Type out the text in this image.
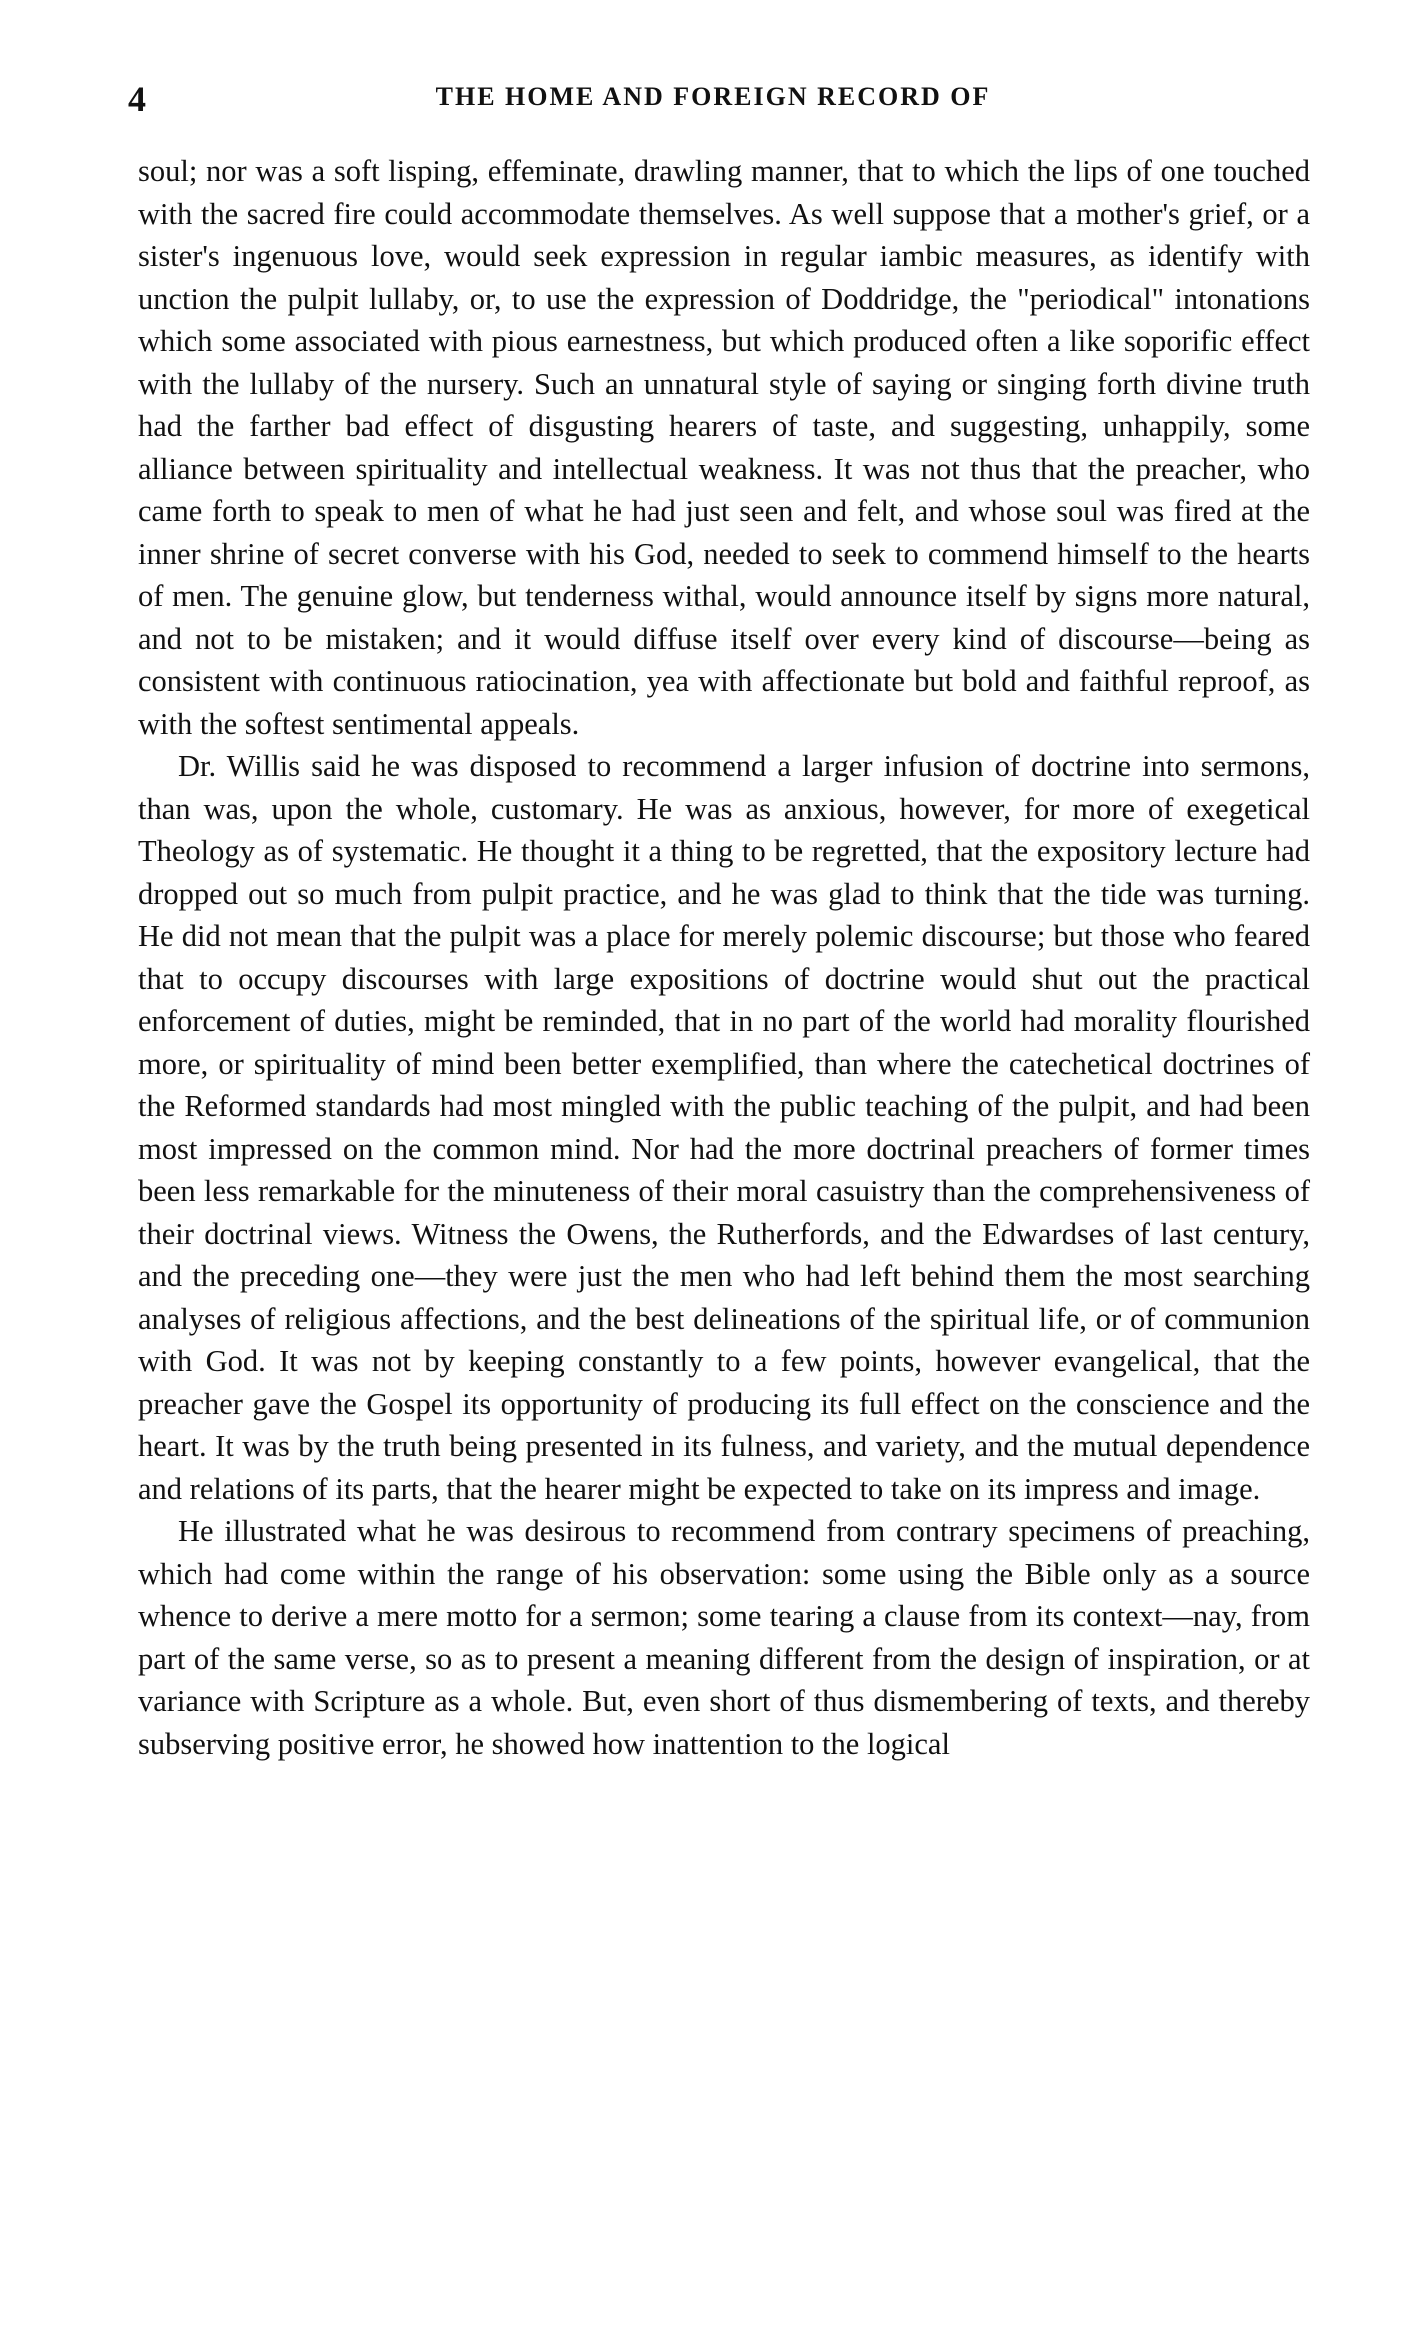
4	THE HOME AND FOREIGN RECORD OF

soul; nor was a soft lisping, effeminate, drawling manner, that to which the lips of one touched with the sacred fire could accommodate themselves. As well suppose that a mother's grief, or a sister's ingenuous love, would seek expression in regular iambic measures, as identify with unction the pulpit lullaby, or, to use the expression of Doddridge, the "periodical" intonations which some associated with pious earnestness, but which produced often a like soporific effect with the lullaby of the nursery. Such an unnatural style of saying or singing forth divine truth had the farther bad effect of disgusting hearers of taste, and suggesting, unhappily, some alliance between spirituality and intellectual weakness. It was not thus that the preacher, who came forth to speak to men of what he had just seen and felt, and whose soul was fired at the inner shrine of secret converse with his God, needed to seek to commend himself to the hearts of men. The genuine glow, but tenderness withal, would announce itself by signs more natural, and not to be mistaken; and it would diffuse itself over every kind of discourse—being as consistent with continuous ratiocination, yea with affectionate but bold and faithful reproof, as with the softest sentimental appeals.

Dr. Willis said he was disposed to recommend a larger infusion of doctrine into sermons, than was, upon the whole, customary. He was as anxious, however, for more of exegetical Theology as of systematic. He thought it a thing to be regretted, that the expository lecture had dropped out so much from pulpit practice, and he was glad to think that the tide was turning. He did not mean that the pulpit was a place for merely polemic discourse; but those who feared that to occupy discourses with large expositions of doctrine would shut out the practical enforcement of duties, might be reminded, that in no part of the world had morality flourished more, or spirituality of mind been better exemplified, than where the catechetical doctrines of the Reformed standards had most mingled with the public teaching of the pulpit, and had been most impressed on the common mind. Nor had the more doctrinal preachers of former times been less remarkable for the minuteness of their moral casuistry than the comprehensiveness of their doctrinal views. Witness the Owens, the Rutherfords, and the Edwardses of last century, and the preceding one—they were just the men who had left behind them the most searching analyses of religious affections, and the best delineations of the spiritual life, or of communion with God. It was not by keeping constantly to a few points, however evangelical, that the preacher gave the Gospel its opportunity of producing its full effect on the conscience and the heart. It was by the truth being presented in its fulness, and variety, and the mutual dependence and relations of its parts, that the hearer might be expected to take on its impress and image.

He illustrated what he was desirous to recommend from contrary specimens of preaching, which had come within the range of his observation: some using the Bible only as a source whence to derive a mere motto for a sermon; some tearing a clause from its context—nay, from part of the same verse, so as to present a meaning different from the design of inspiration, or at variance with Scripture as a whole. But, even short of thus dismembering of texts, and thereby subserving positive error, he showed how inattention to the logical
